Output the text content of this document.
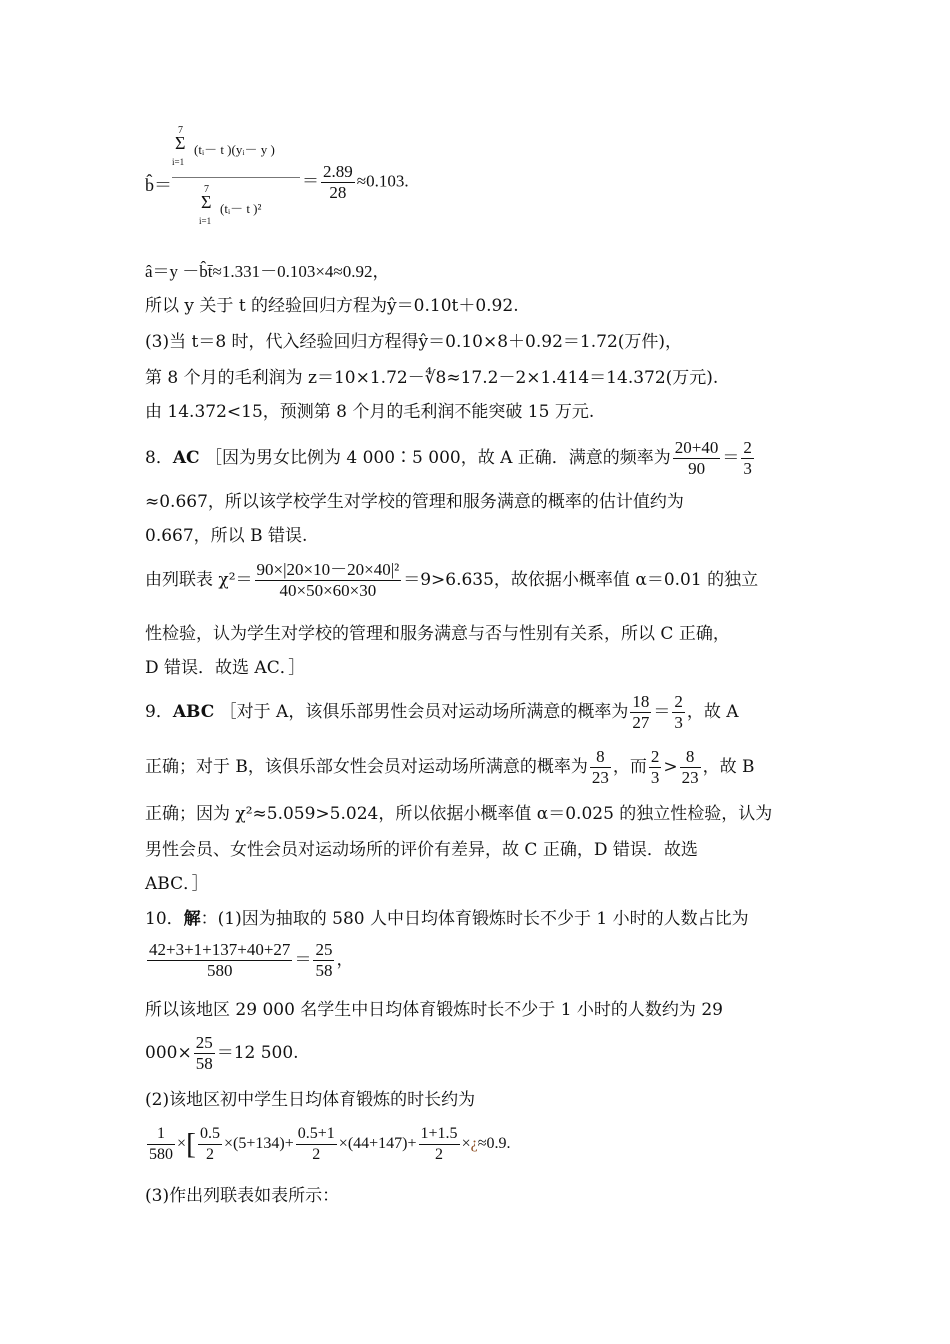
b̂＝
7
Σ
i=1
(tᵢ－ t )(yᵢ－ y )
7
Σ
i=1
(tᵢ－ t )²
＝ $\frac{2.89}{28} \approx 0.103$.
â＝y －b̂t̄≈1.331－0.103×4≈0.92，
所以 y 关于 t 的经验回归方程为ŷ＝0.10t＋0.92.
(3)当 t＝8 时，代入经验回归方程得ŷ＝0.10×8＋0.92＝1.72(万件)，
第 8 个月的毛利润为 z＝10×1.72－∜8≈17.2－2×1.414＝14.372(万元).
由 14.372<15，预测第 8 个月的毛利润不能突破 15 万元.
8．AC ［因为男女比例为 4 000∶5 000，故 A 正确．满意的频率为 $\frac{20+40}{90} = \frac{2}{3}$
≈0.667，所以该学校学生对学校的管理和服务满意的概率的估计值约为
0.667，所以 B 错误.
由列联表 $\chi^2= \frac{\text{90×|20×10－20×40|²}}{40\times 50\times 60\times 30} =9>6.635$，故依据小概率值 α＝0.01 的独立
性检验，认为学生对学校的管理和服务满意与否与性别有关系，所以 C 正确，
D 错误．故选 AC．］
9．ABC ［对于 A，该俱乐部男性会员对运动场所满意的概率为 $\frac{18}{27} = \frac{2}{3}$ ，故 A
正确；对于 B，该俱乐部女性会员对运动场所满意的概率为 $\frac{8}{23}$ ，而 $\frac{2}{3} > \frac{8}{23}$ ，故 B
正确；因为 χ²≈5.059>5.024，所以依据小概率值 α＝0.025 的独立性检验，认为
男性会员、女性会员对运动场所的评价有差异，故 C 正确，D 错误．故选
ABC．］
10．解：(1)因为抽取的 580 人中日均体育锻炼时长不少于 1 小时的人数占比为
$\frac{42+3+1+137+40+27}{580} = \frac{25}{58}$ ，
所以该地区 29 000 名学生中日均体育锻炼时长不少于 1 小时的人数约为 29
$000\times \frac{25}{58} =12$ 500.
(2)该地区初中学生日均体育锻炼的时长约为
$\frac{1}{580}$ ×[ $\frac{0.5}{2} \times(5+134)+ \frac{0.5+1}{2} \times(44+147)+ \frac{1+1.5}{2}$ ×¿≈0.9.
(3)作出列联表如表所示：
